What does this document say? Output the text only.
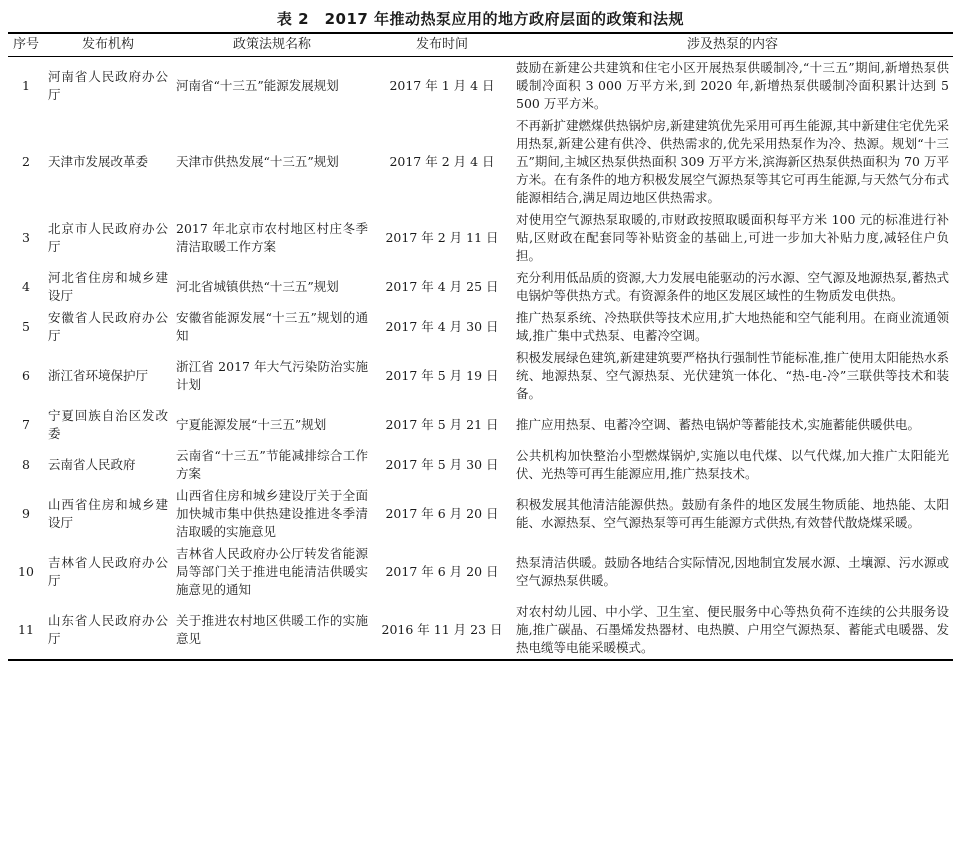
表 2　2017 年推动热泵应用的地方政府层面的政策和法规
序号	发布机构	政策法规名称	发布时间	涉及热泵的内容
1	河南省人民政府办公厅	河南省“十三五”能源发展规划	2017 年 1 月 4 日	鼓励在新建公共建筑和住宅小区开展热泵供暖制冷,“十三五”期间,新增热泵供暖制冷面积 3 000 万平方米,到 2020 年,新增热泵供暖制冷面积累计达到 5 500 万平方米。
2	天津市发展改革委	天津市供热发展“十三五”规划	2017 年 2 月 4 日	不再新扩建燃煤供热锅炉房,新建建筑优先采用可再生能源,其中新建住宅优先采用热泵,新建公建有供冷、供热需求的,优先采用热泵作为冷、热源。规划“十三五”期间,主城区热泵供热面积 309 万平方米,滨海新区热泵供热面积为 70 万平方米。在有条件的地方积极发展空气源热泵等其它可再生能源,与天然气分布式能源相结合,满足周边地区供热需求。
3	北京市人民政府办公厅	2017 年北京市农村地区村庄冬季清洁取暖工作方案	2017 年 2 月 11 日	对使用空气源热泵取暖的,市财政按照取暖面积每平方米 100 元的标准进行补贴,区财政在配套同等补贴资金的基础上,可进一步加大补贴力度,减轻住户负担。
4	河北省住房和城乡建设厅	河北省城镇供热“十三五”规划	2017 年 4 月 25 日	充分利用低品质的资源,大力发展电能驱动的污水源、空气源及地源热泵,蓄热式电锅炉等供热方式。有资源条件的地区发展区域性的生物质发电供热。
5	安徽省人民政府办公厅	安徽省能源发展“十三五”规划的通知	2017 年 4 月 30 日	推广热泵系统、冷热联供等技术应用,扩大地热能和空气能利用。在商业流通领域,推广集中式热泵、电蓄冷空调。
6	浙江省环境保护厅	浙江省 2017 年大气污染防治实施计划	2017 年 5 月 19 日	积极发展绿色建筑,新建建筑要严格执行强制性节能标准,推广使用太阳能热水系统、地源热泵、空气源热泵、光伏建筑一体化、“热-电-冷”三联供等技术和装备。
7	宁夏回族自治区发改委	宁夏能源发展“十三五”规划	2017 年 5 月 21 日	推广应用热泵、电蓄冷空调、蓄热电锅炉等蓄能技术,实施蓄能供暖供电。
8	云南省人民政府	云南省“十三五”节能减排综合工作方案	2017 年 5 月 30 日	公共机构加快整治小型燃煤锅炉,实施以电代煤、以气代煤,加大推广太阳能光伏、光热等可再生能源应用,推广热泵技术。
9	山西省住房和城乡建设厅	山西省住房和城乡建设厅关于全面加快城市集中供热建设推进冬季清洁取暖的实施意见	2017 年 6 月 20 日	积极发展其他清洁能源供热。鼓励有条件的地区发展生物质能、地热能、太阳能、水源热泵、空气源热泵等可再生能源方式供热,有效替代散烧煤采暖。
10	吉林省人民政府办公厅	吉林省人民政府办公厅转发省能源局等部门关于推进电能清洁供暖实施意见的通知	2017 年 6 月 20 日	热泵清洁供暖。鼓励各地结合实际情况,因地制宜发展水源、土壤源、污水源或空气源热泵供暖。
11	山东省人民政府办公厅	关于推进农村地区供暖工作的实施意见	2016 年 11 月 23 日	对农村幼儿园、中小学、卫生室、便民服务中心等热负荷不连续的公共服务设施,推广碳晶、石墨烯发热器材、电热膜、户用空气源热泵、蓄能式电暖器、发热电缆等电能采暖模式。
